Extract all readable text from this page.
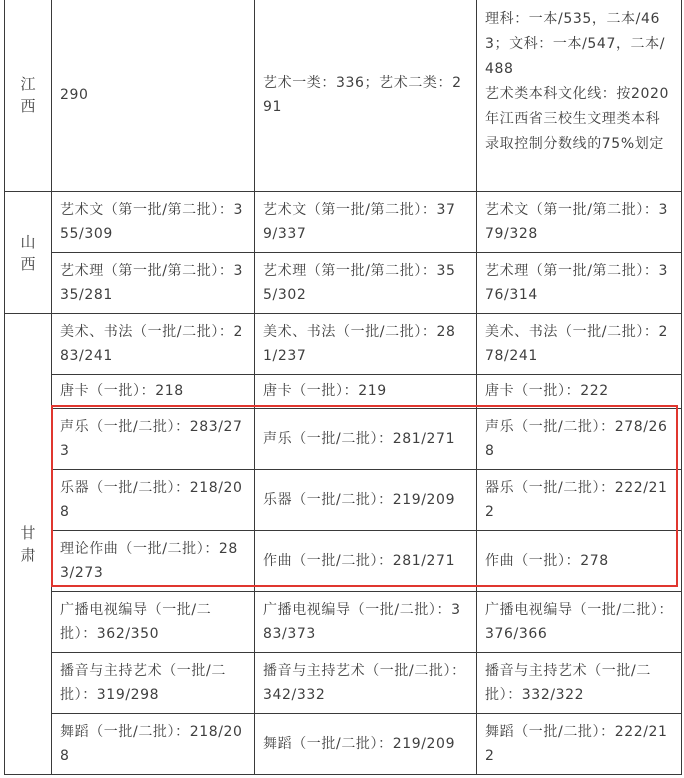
江西	290	艺术一类：336；艺术二类：291	理科：一本/535，二本/463；文科：一本/547，二本/488
艺术类本科文化线：按2020年江西省三校生文理类本科录取控制分数线的75%划定

山西	艺术文（第一批/第二批）：355/309	艺术文（第一批/第二批）：379/337	艺术文（第一批/第二批）：379/328
	艺术理（第一批/第二批）：335/281	艺术理（第一批/第二批）：355/302	艺术理（第一批/第二批）：376/314
甘肃	美术、书法（一批/二批）：283/241	美术、书法（一批/二批）：281/237	美术、书法（一批/二批）：278/241
	唐卡（一批）：218	唐卡（一批）：219	唐卡（一批）：222
	声乐（一批/二批）：283/273	声乐（一批/二批）：281/271	声乐（一批/二批）：278/268
	乐器（一批/二批）：218/208	乐器（一批/二批）：219/209	器乐（一批/二批）：222/212
	理论作曲（一批/二批）：283/273	作曲（一批/二批）：281/271	作曲（一批）：278
	广播电视编导（一批/二批）：362/350	广播电视编导（一批/二批）：383/373	广播电视编导（一批/二批）：376/366
	播音与主持艺术（一批/二批）：319/298	播音与主持艺术（一批/二批）：342/332	播音与主持艺术（一批/二批）：332/322
	舞蹈（一批/二批）：218/208	舞蹈（一批/二批）：219/209	舞蹈（一批/二批）：222/212
